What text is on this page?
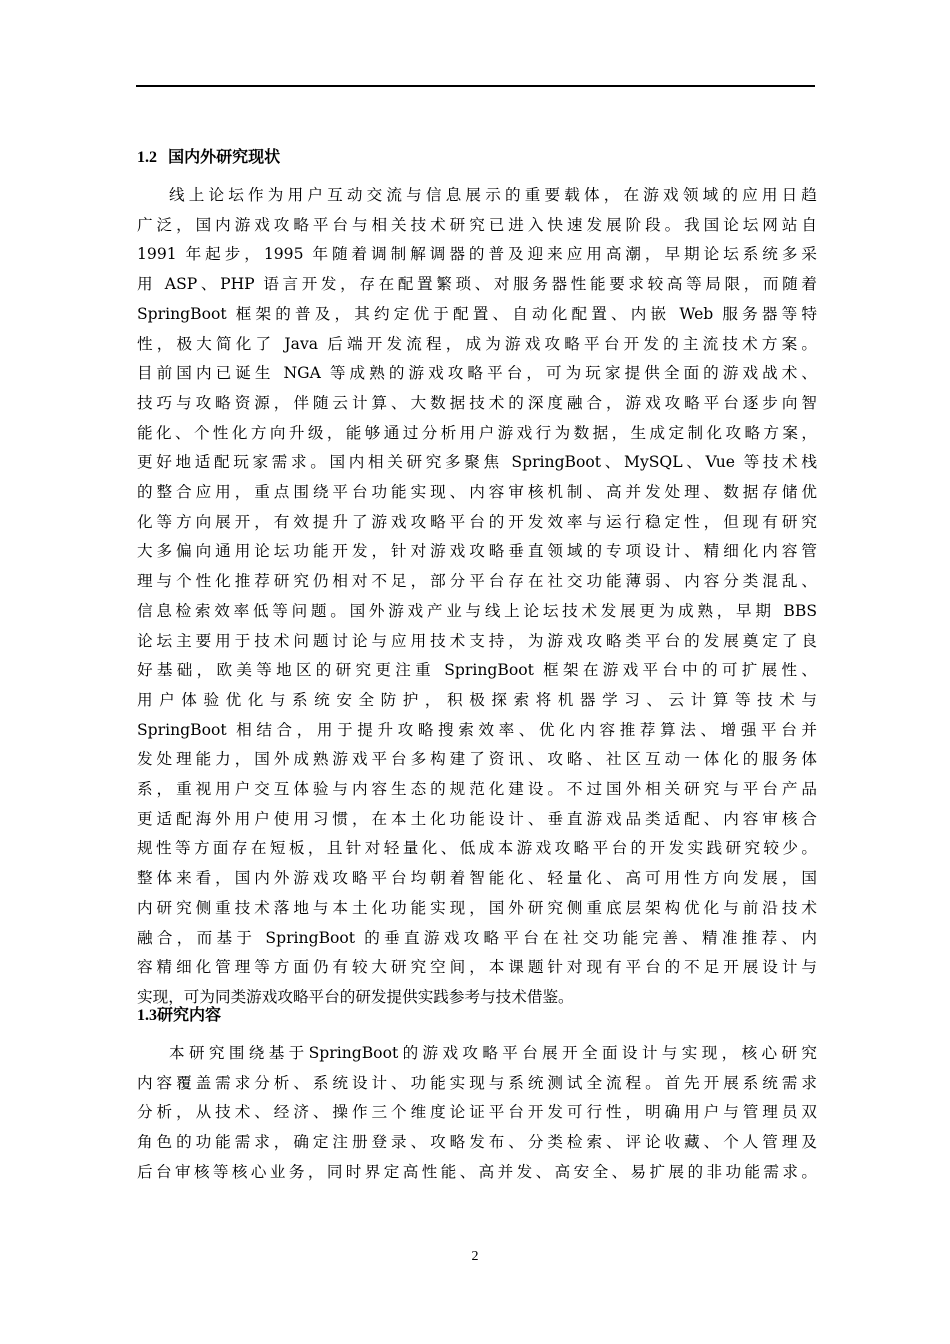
1.2 国内外研究现状
线上论坛作为用户互动交流与信息展示的重要载体，在游戏领域的应用日趋
广泛，国内游戏攻略平台与相关技术研究已进入快速发展阶段。我国论坛网站自
1991 年起步，1995 年随着调制解调器的普及迎来应用高潮，早期论坛系统多采
用 ASP、PHP 语言开发，存在配置繁琐、对服务器性能要求较高等局限，而随着
SpringBoot 框架的普及，其约定优于配置、自动化配置、内嵌 Web 服务器等特
性，极大简化了 Java 后端开发流程，成为游戏攻略平台开发的主流技术方案。
目前国内已诞生 NGA 等成熟的游戏攻略平台，可为玩家提供全面的游戏战术、
技巧与攻略资源，伴随云计算、大数据技术的深度融合，游戏攻略平台逐步向智
能化、个性化方向升级，能够通过分析用户游戏行为数据，生成定制化攻略方案，
更好地适配玩家需求。国内相关研究多聚焦 SpringBoot、MySQL、Vue 等技术栈
的整合应用，重点围绕平台功能实现、内容审核机制、高并发处理、数据存储优
化等方向展开，有效提升了游戏攻略平台的开发效率与运行稳定性，但现有研究
大多偏向通用论坛功能开发，针对游戏攻略垂直领域的专项设计、精细化内容管
理与个性化推荐研究仍相对不足，部分平台存在社交功能薄弱、内容分类混乱、
信息检索效率低等问题。国外游戏产业与线上论坛技术发展更为成熟，早期 BBS
论坛主要用于技术问题讨论与应用技术支持，为游戏攻略类平台的发展奠定了良
好基础，欧美等地区的研究更注重 SpringBoot 框架在游戏平台中的可扩展性、
用户体验优化与系统安全防护，积极探索将机器学习、云计算等技术与
SpringBoot 相结合，用于提升攻略搜索效率、优化内容推荐算法、增强平台并
发处理能力，国外成熟游戏平台多构建了资讯、攻略、社区互动一体化的服务体
系，重视用户交互体验与内容生态的规范化建设。不过国外相关研究与平台产品
更适配海外用户使用习惯，在本土化功能设计、垂直游戏品类适配、内容审核合
规性等方面存在短板，且针对轻量化、低成本游戏攻略平台的开发实践研究较少。
整体来看，国内外游戏攻略平台均朝着智能化、轻量化、高可用性方向发展，国
内研究侧重技术落地与本土化功能实现，国外研究侧重底层架构优化与前沿技术
融合，而基于 SpringBoot 的垂直游戏攻略平台在社交功能完善、精准推荐、内
容精细化管理等方面仍有较大研究空间，本课题针对现有平台的不足开展设计与
实现，可为同类游戏攻略平台的研发提供实践参考与技术借鉴。
1.3研究内容
本研究围绕基于SpringBoot的游戏攻略平台展开全面设计与实现，核心研究
内容覆盖需求分析、系统设计、功能实现与系统测试全流程。首先开展系统需求
分析，从技术、经济、操作三个维度论证平台开发可行性，明确用户与管理员双
角色的功能需求，确定注册登录、攻略发布、分类检索、评论收藏、个人管理及
后台审核等核心业务，同时界定高性能、高并发、高安全、易扩展的非功能需求。
2
